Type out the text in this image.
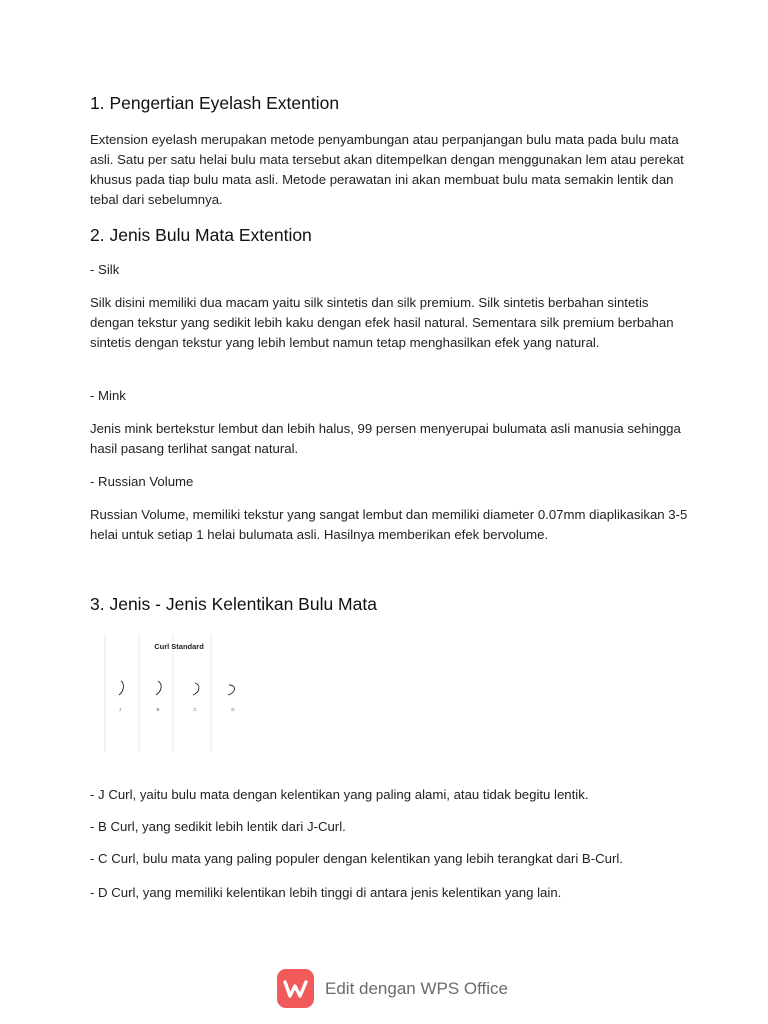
1. Pengertian Eyelash Extention

Extension eyelash merupakan metode penyambungan atau perpanjangan bulu mata pada bulu mata asli. Satu per satu helai bulu mata tersebut akan ditempelkan dengan menggunakan lem atau perekat khusus pada tiap bulu mata asli. Metode perawatan ini akan membuat bulu mata semakin lentik dan tebal dari sebelumnya.

2. Jenis Bulu Mata Extention

- Silk

Silk disini memiliki dua macam yaitu silk sintetis dan silk premium. Silk sintetis berbahan sintetis dengan tekstur yang sedikit lebih kaku dengan efek hasil natural. Sementara silk premium berbahan sintetis dengan tekstur yang lebih lembut namun tetap menghasilkan efek yang natural.

- Mink

Jenis mink bertekstur lembut dan lebih halus, 99 persen menyerupai bulumata asli manusia sehingga hasil pasang terlihat sangat natural.

- Russian Volume

Russian Volume, memiliki tekstur yang sangat lembut dan memiliki diameter 0.07mm diaplikasikan 3-5 helai untuk setiap 1 helai bulumata asli. Hasilnya memberikan efek bervolume.

3. Jenis - Jenis Kelentikan Bulu Mata
Curl Standard
J	B	C	D

- J Curl, yaitu bulu mata dengan kelentikan yang paling alami, atau tidak begitu lentik.

- B Curl, yang sedikit lebih lentik dari J-Curl.

- C Curl, bulu mata yang paling populer dengan kelentikan yang lebih terangkat dari B-Curl.

- D Curl, yang memiliki kelentikan lebih tinggi di antara jenis kelentikan yang lain.

Edit dengan WPS Office
